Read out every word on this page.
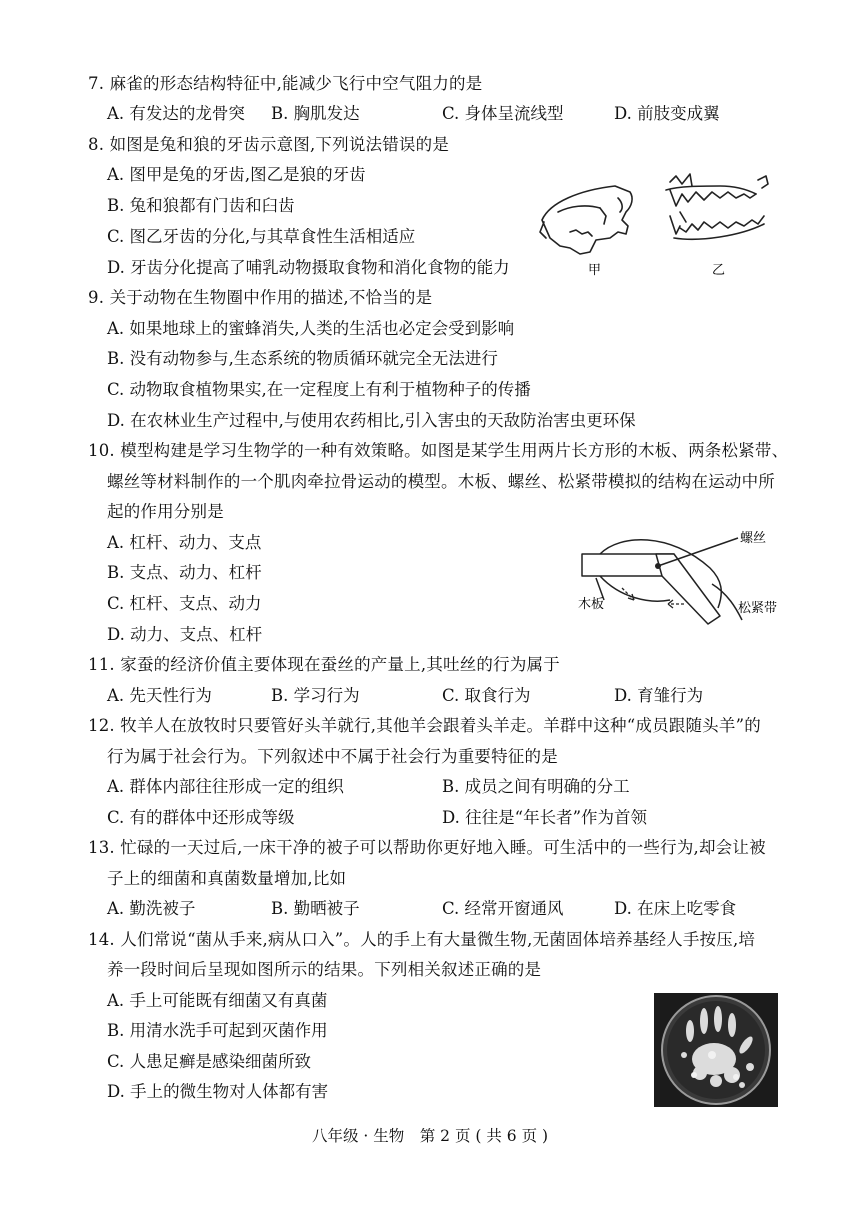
7. 麻雀的形态结构特征中,能减少飞行中空气阻力的是
A. 有发达的龙骨突 B. 胸肌发达	C. 身体呈流线型	D. 前肢变成翼
8. 如图是兔和狼的牙齿示意图,下列说法错误的是
A. 图甲是兔的牙齿,图乙是狼的牙齿
B. 兔和狼都有门齿和臼齿
C. 图乙牙齿的分化,与其草食性生活相适应
D. 牙齿分化提高了哺乳动物摄取食物和消化食物的能力	甲	乙
9. 关于动物在生物圈中作用的描述,不恰当的是
A. 如果地球上的蜜蜂消失,人类的生活也必定会受到影响
B. 没有动物参与,生态系统的物质循环就完全无法进行
C. 动物取食植物果实,在一定程度上有利于植物种子的传播
D. 在农林业生产过程中,与使用农药相比,引入害虫的天敌防治害虫更环保
10. 模型构建是学习生物学的一种有效策略。如图是某学生用两片长方形的木板、两条松紧带、
螺丝等材料制作的一个肌肉牵拉骨运动的模型。木板、螺丝、松紧带模拟的结构在运动中所
起的作用分别是
A. 杠杆、动力、支点
B. 支点、动力、杠杆
C. 杠杆、支点、动力
D. 动力、支点、杠杆
螺丝
木板	松紧带
11. 家蚕的经济价值主要体现在蚕丝的产量上,其吐丝的行为属于
A. 先天性行为	B. 学习行为	C. 取食行为	D. 育雏行为
12. 牧羊人在放牧时只要管好头羊就行,其他羊会跟着头羊走。羊群中这种“成员跟随头羊”的
行为属于社会行为。下列叙述中不属于社会行为重要特征的是
A. 群体内部往往形成一定的组织	B. 成员之间有明确的分工
C. 有的群体中还形成等级	D. 往往是“年长者”作为首领
13. 忙碌的一天过后,一床干净的被子可以帮助你更好地入睡。可生活中的一些行为,却会让被
子上的细菌和真菌数量增加,比如
A. 勤洗被子	B. 勤晒被子	C. 经常开窗通风	D. 在床上吃零食
14. 人们常说“菌从手来,病从口入”。人的手上有大量微生物,无菌固体培养基经人手按压,培
养一段时间后呈现如图所示的结果。下列相关叙述正确的是
A. 手上可能既有细菌又有真菌
B. 用清水洗手可起到灭菌作用
C. 人患足癣是感染细菌所致
D. 手上的微生物对人体都有害
八年级 · 生物　第 2 页 ( 共 6 页 )
